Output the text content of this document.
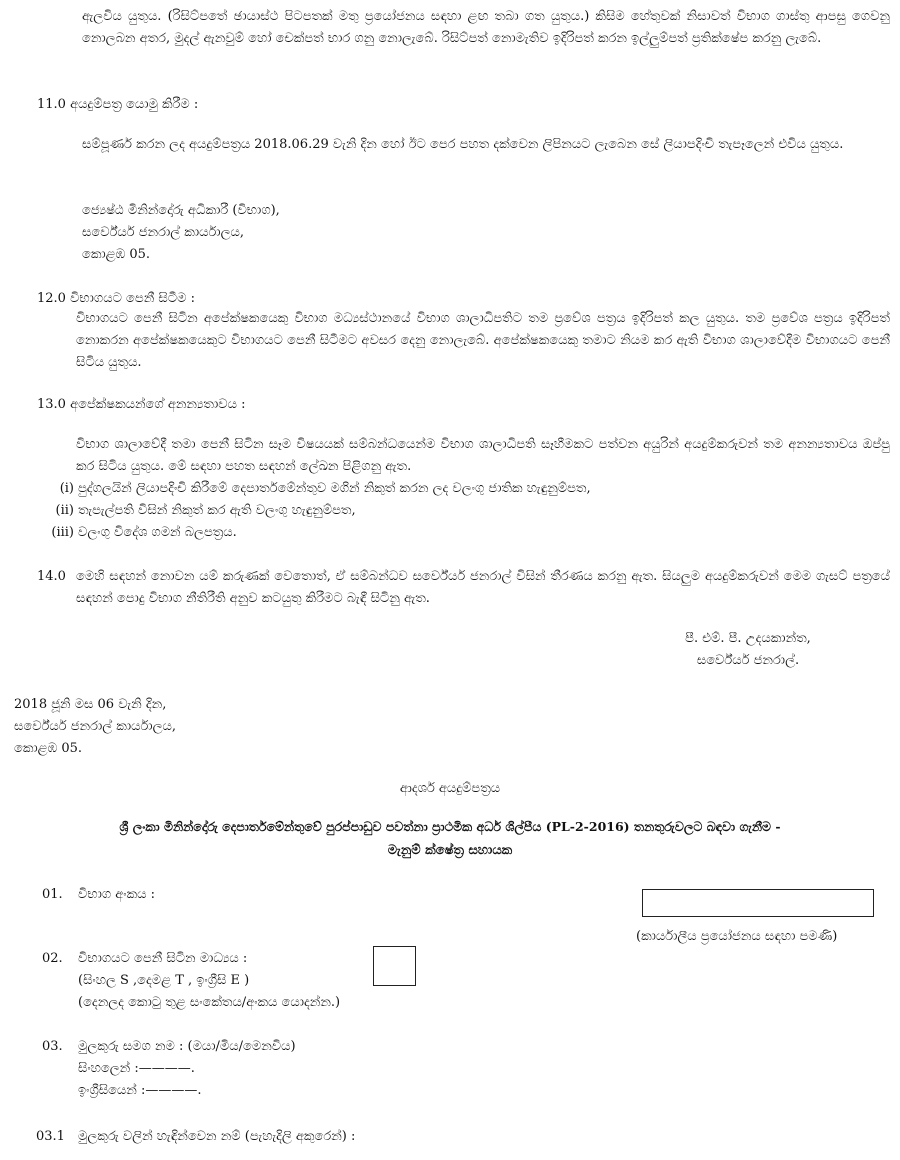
ඇලවිය යුතුය. (රිසිට්පතේ ඡායාස්ථ පිටපතක් මතු ප්‍රයෝජනය සඳහා ළඟ තබා ගත යුතුය.) කිසිම හේතුවක් නිසාවත් විභාග ගාස්තු ආපසු ගෙවනු නොලබන අතර, මුදල් ඇනවුම් හෝ චෙක්පත් භාර ගනු නොලැබේ. රිසිට්පත් නොමැතිව ඉදිරිපත් කරන ඉල්ලුම්පත් ප්‍රතික්ෂේප කරනු ලැබේ.
11.0 අයදුම්පත්‍ර යොමු කිරීම :
සම්පූර්ණ කරන ලද අයදුම්පත්‍රය 2018.06.29 වැනි දින හෝ ඊට පෙර පහත දක්වෙන ලිපිනයට ලැබෙන සේ ලියාපදිංචි තැපෑලෙන් එවිය යුතුය.
ජ්‍යෙෂ්ඨ මිනින්දෝරු අධිකාරී (විභාග),
සර්වේයර් ජනරාල් කාර්යාලය,
කොළඹ 05.
12.0 විභාගයට පෙනී සිටීම :
විභාගයට පෙනී සිටින අපේක්ෂකයෙකු විභාග මධ්‍යස්ථානයේ විභාග ශාලාධිපතිට තම ප්‍රවේශ පත්‍රය ඉදිරිපත් කල යුතුය. තම ප්‍රවේශ පත්‍රය ඉදිරිපත් නොකරන අපේක්ෂකයෙකුට විභාගයට පෙනී සිටීමට අවසර දෙනු නොලැබේ. අපේක්ෂකයෙකු තමාට නියම කර ඇති විභාග ශාලාවේදීම විභාගයට පෙනී සිටිය යුතුය.
13.0 අපේක්ෂකයන්ගේ අනන්‍යතාවය :
විභාග ශාලාවේදී තමා පෙනී සිටින සෑම විෂයයක් සම්බන්ධයෙන්ම විභාග ශාලාධිපති සෑහීමකට පත්වන අයුරින් අයදුම්කරුවන් තම අනන්‍යතාවය ඔප්පු කර සිටිය යුතුය. මේ සඳහා පහත සඳහන් ලේඛන පිළිගනු ඇත.
(i) පුද්ගලයින් ලියාපදිංචි කිරීමේ දෙපාර්තමේන්තුව මගින් නිකුත් කරන ලද වලංගු ජාතික හැඳුනුම්පත,
(ii) තැපැල්පති විසින් නිකුත් කර ඇති වලංගු හැඳුනුම්පත,
(iii) වලංගු විදේශ ගමන් බලපත්‍රය.
14.0 මෙහි සඳහන් නොවන යම් කරුණක් වෙතොත්, ඒ සම්බන්ධව සර්වේයර් ජනරාල් විසින් තීරණය කරනු ඇත. සියලුම අයදුම්කරුවන් මෙම ගැසට් පත්‍රයේ සඳහන් පොදු විභාග නීතිරීති අනුව කටයුතු කිරීමට බැඳී සිටිනු ඇත.
පී. එම්. පී. උදයකාන්ත,
සර්වේයර් ජනරාල්.
2018 ජූනි මස 06 වැනි දින,
සර්වේයර් ජනරාල් කාර්යාලය,
කොළඹ 05.
ආදර්ශ අයදුම්පත්‍රය
ශ්‍රී ලංකා මිනින්දෝරු දෙපාර්තමේන්තුවේ පුරප්පාඩුව පවත්නා ප්‍රාථමික අර්ධ ශිල්පීය (PL-2-2016) තනතුරුවලට බඳවා ගැනීම -
මැනුම් ක්ෂේත්‍ර සහායක
01. විභාග අංකය :
(කාර්යාලීය ප්‍රයෝජනය සඳහා පමණි)
02. විභාගයට පෙනී සිටින මාධ්‍යය :
(සිංහල S ,දෙමළ T , ඉංග්‍රීසි E )
(දෙනලද කොටු තුළ සංකේතය/අංකය යොදන්න.)
03. මුලකුරු සමග නම : (මයා/මිය/මෙනවිය)
සිංහලෙන් :————.
ඉංග්‍රීසියෙන් :————.
03.1 මුලකුරු වලින් හැඳින්වෙන නම් (පැහැදිලි අකුරෙන්) :
